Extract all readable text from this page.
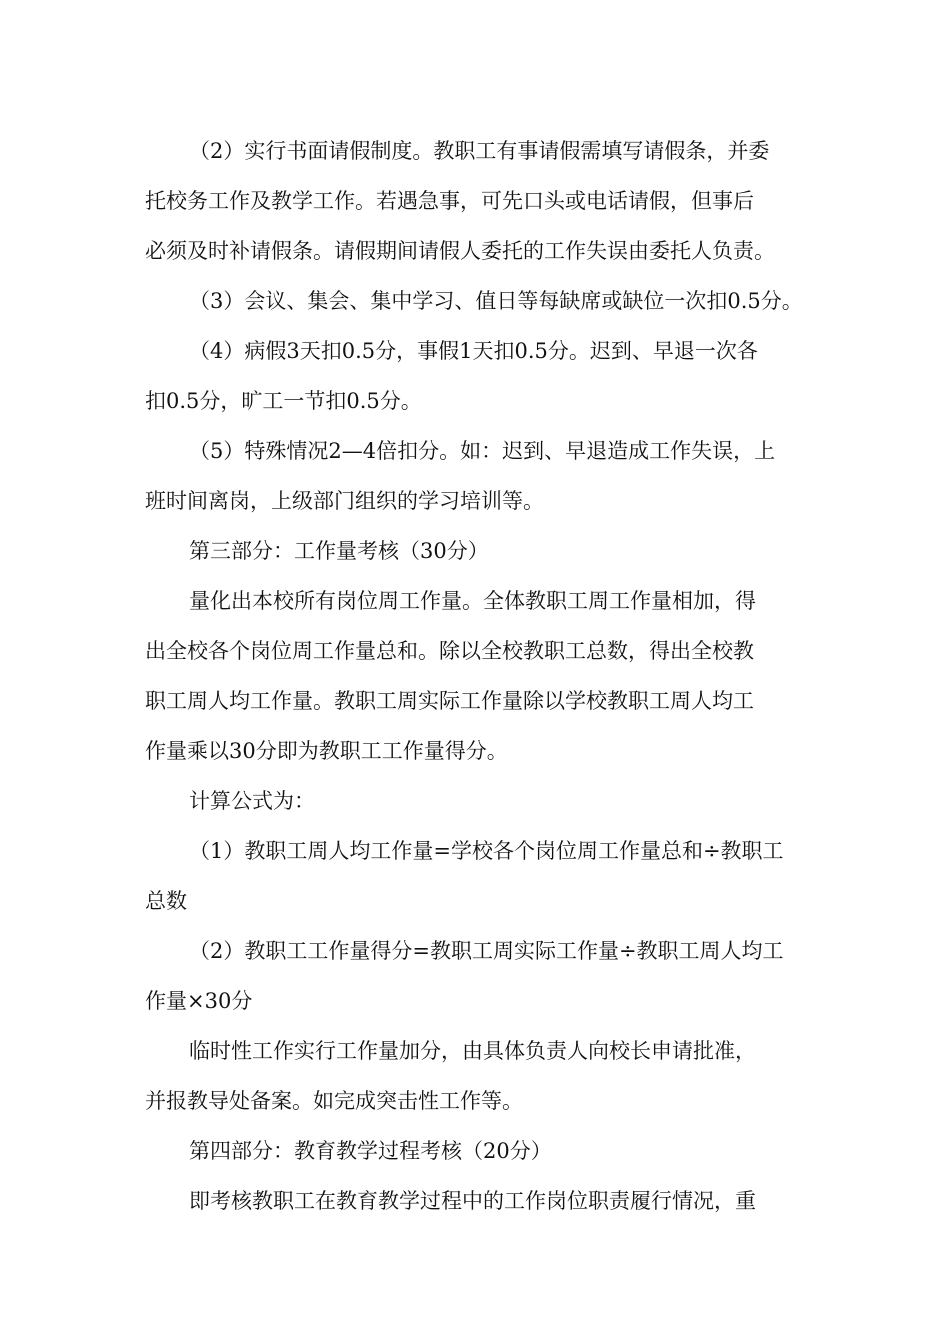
（2）实行书面请假制度。教职工有事请假需填写请假条，并委
托校务工作及教学工作。若遇急事，可先口头或电话请假，但事后
必须及时补请假条。请假期间请假人委托的工作失误由委托人负责。
（3）会议、集会、集中学习、值日等每缺席或缺位一次扣0.5分。
（4）病假3天扣0.5分，事假1天扣0.5分。迟到、早退一次各
扣0.5分，旷工一节扣0.5分。
（5）特殊情况2—4倍扣分。如：迟到、早退造成工作失误，上
班时间离岗，上级部门组织的学习培训等。
第三部分：工作量考核（30分）
量化出本校所有岗位周工作量。全体教职工周工作量相加，得
出全校各个岗位周工作量总和。除以全校教职工总数，得出全校教
职工周人均工作量。教职工周实际工作量除以学校教职工周人均工
作量乘以30分即为教职工工作量得分。
计算公式为：
（1）教职工周人均工作量=学校各个岗位周工作量总和÷教职工
总数
（2）教职工工作量得分=教职工周实际工作量÷教职工周人均工
作量×30分
临时性工作实行工作量加分，由具体负责人向校长申请批准，
并报教导处备案。如完成突击性工作等。
第四部分：教育教学过程考核（20分）
即考核教职工在教育教学过程中的工作岗位职责履行情况，重
